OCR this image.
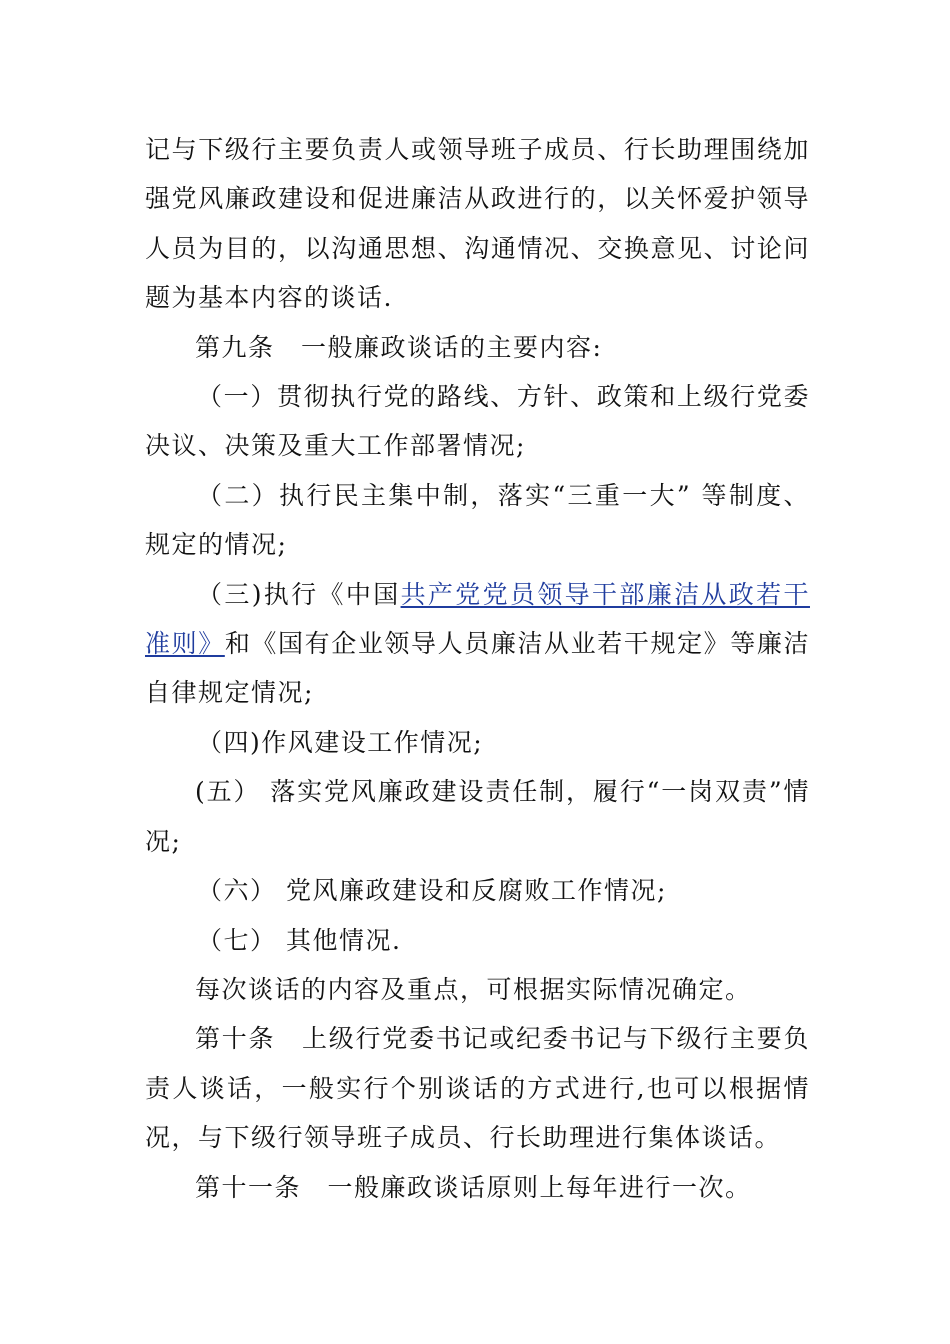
记与下级行主要负责人或领导班子成员、行长助理围绕加强党风廉政建设和促进廉洁从政进行的，以关怀爱护领导人员为目的，以沟通思想、沟通情况、交换意见、讨论问题为基本内容的谈话.

第九条　一般廉政谈话的主要内容:

（一）贯彻执行党的路线、方针、政策和上级行党委决议、决策及重大工作部署情况;

（二）执行民主集中制，落实“三重一大” 等制度、规定的情况;

（三)执行《中国共产党党员领导干部廉洁从政若干准则》和《国有企业领导人员廉洁从业若干规定》等廉洁自律规定情况;

（四)作风建设工作情况;

(五） 落实党风廉政建设责任制，履行“一岗双责”情况;

（六） 党风廉政建设和反腐败工作情况;

（七） 其他情况.

每次谈话的内容及重点，可根据实际情况确定。

第十条　上级行党委书记或纪委书记与下级行主要负责人谈话，一般实行个别谈话的方式进行,也可以根据情况，与下级行领导班子成员、行长助理进行集体谈话。

第十一条　一般廉政谈话原则上每年进行一次。
